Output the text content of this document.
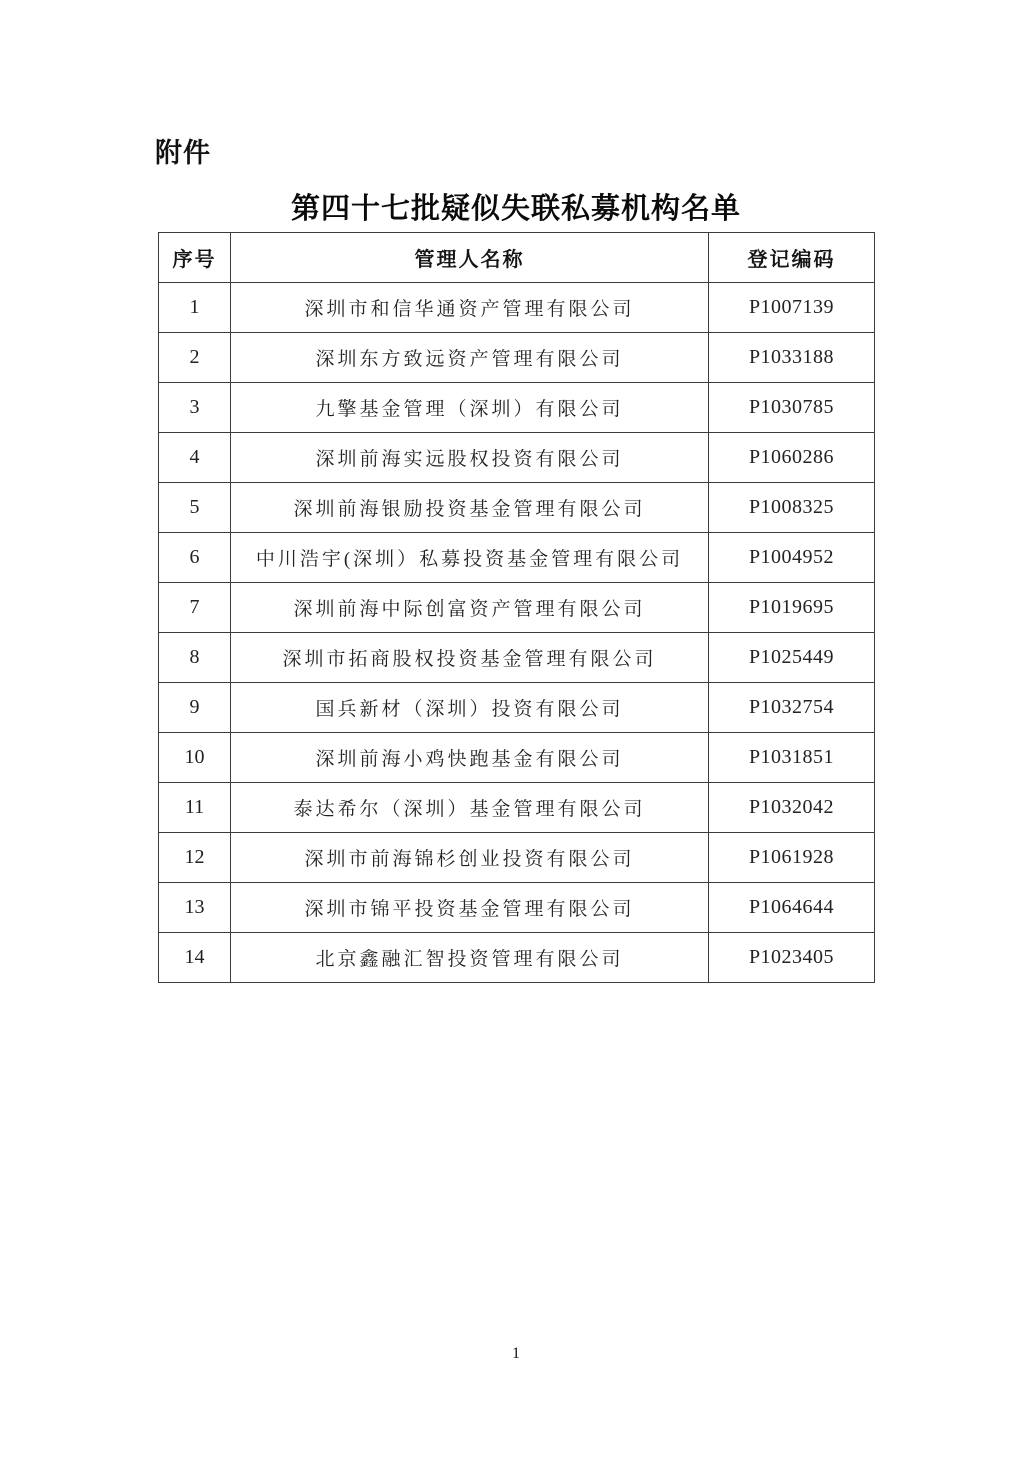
附件
第四十七批疑似失联私募机构名单
序号	管理人名称	登记编码
1	深圳市和信华通资产管理有限公司	P1007139
2	深圳东方致远资产管理有限公司	P1033188
3	九擎基金管理（深圳）有限公司	P1030785
4	深圳前海实远股权投资有限公司	P1060286
5	深圳前海银励投资基金管理有限公司	P1008325
6	中川浩宇(深圳）私募投资基金管理有限公司	P1004952
7	深圳前海中际创富资产管理有限公司	P1019695
8	深圳市拓商股权投资基金管理有限公司	P1025449
9	国兵新材（深圳）投资有限公司	P1032754
10	深圳前海小鸡快跑基金有限公司	P1031851
11	泰达希尔（深圳）基金管理有限公司	P1032042
12	深圳市前海锦杉创业投资有限公司	P1061928
13	深圳市锦平投资基金管理有限公司	P1064644
14	北京鑫融汇智投资管理有限公司	P1023405
1
